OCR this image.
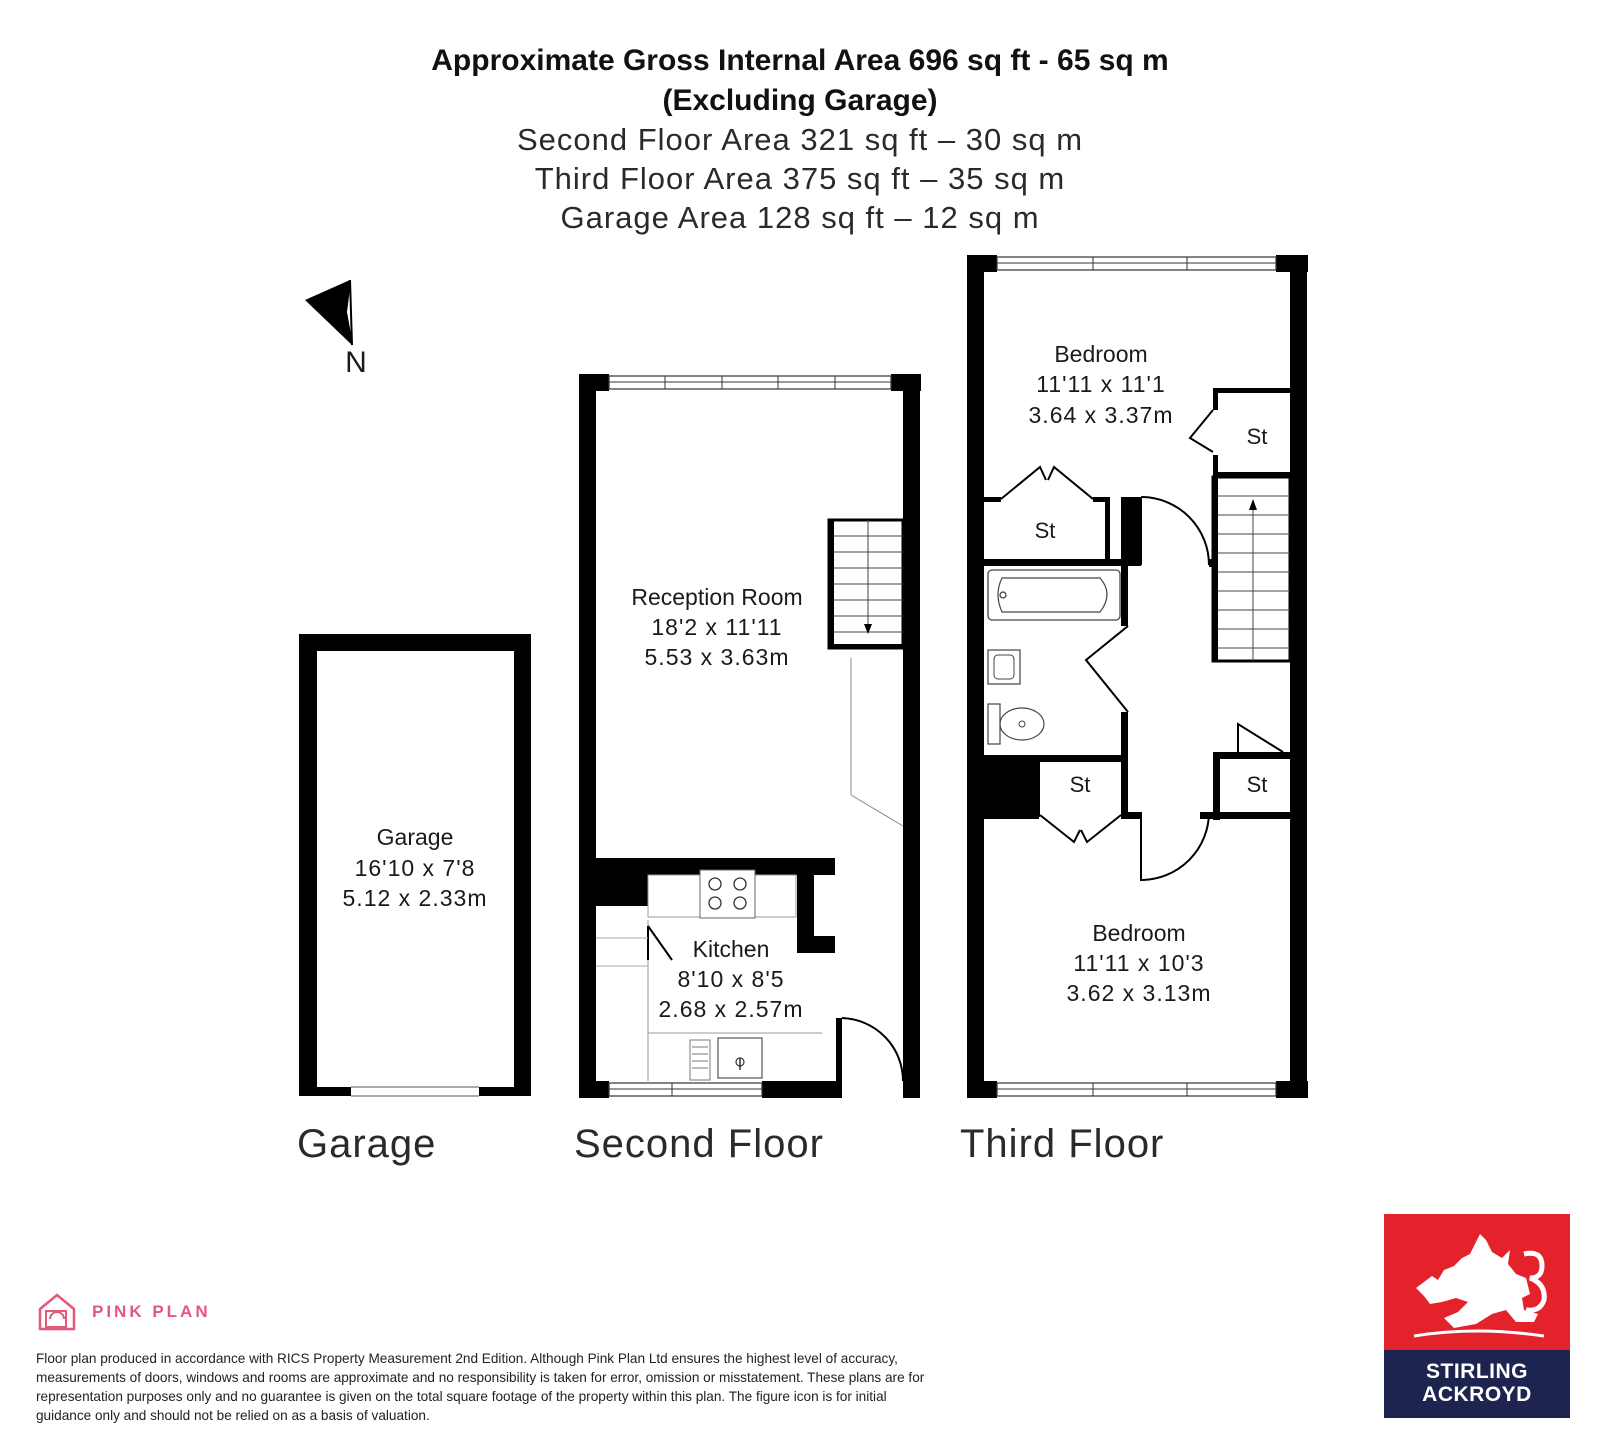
Approximate Gross Internal Area 696 sq ft - 65 sq m
(Excluding Garage)
Second Floor Area 321 sq ft – 30 sq m
Third Floor Area 375 sq ft – 35 sq m
Garage Area 128 sq ft – 12 sq m
N
Garage
16'10 x 7'8
5.12 x 2.33m
Reception Room
18'2 x 11'11
5.53 x 3.63m
Kitchen
8'10 x 8'5
2.68 x 2.57m
St
St
St	St
Bedroom
11'11 x 11'1
3.64 x 3.37m
Bedroom
11'11 x 10'3
3.62 x 3.13m
Garage	Second Floor	Third Floor
PINK PLAN
Floor plan produced in accordance with RICS Property Measurement 2nd Edition. Although Pink Plan Ltd ensures the highest level of accuracy, measurements of doors, windows and rooms are approximate and no responsibility is taken for error, omission or misstatement. These plans are for representation purposes only and no guarantee is given on the total square footage of the property within this plan. The figure icon is for initial guidance only and should not be relied on as a basis of valuation.
STIRLING
ACKROYD
